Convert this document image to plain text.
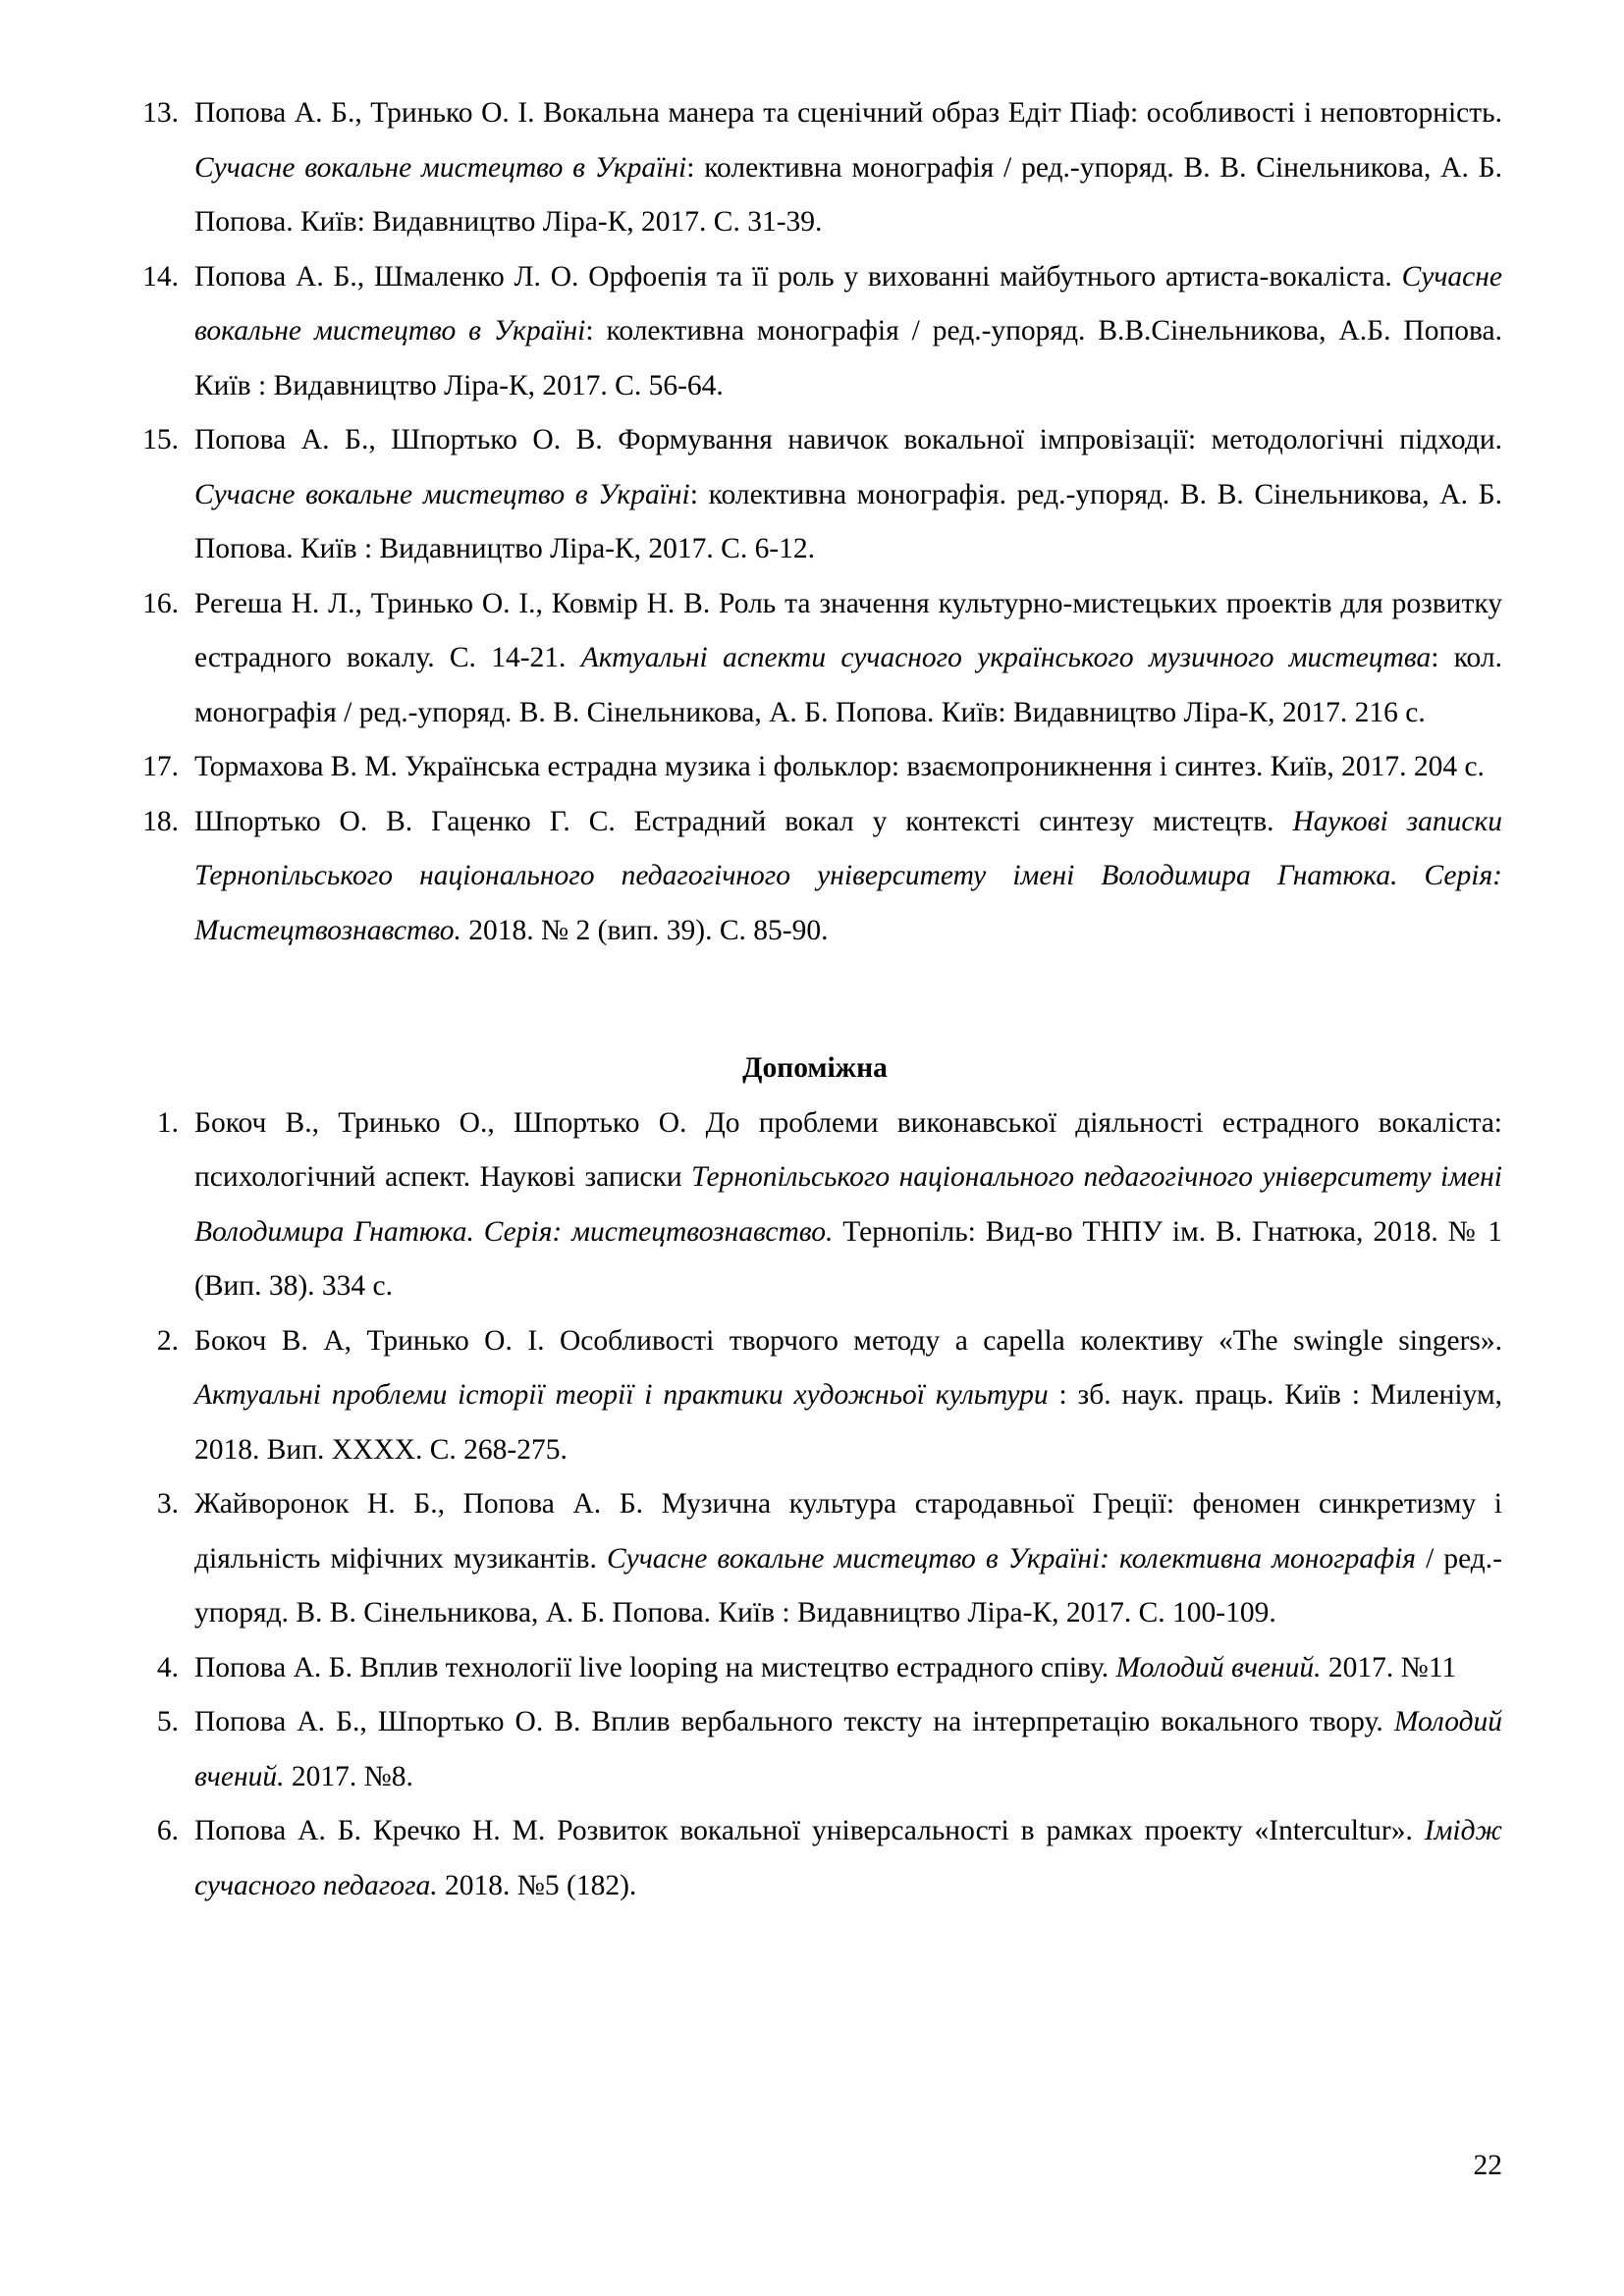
13. Попова А. Б., Тринько О. І. Вокальна манера та сценічний образ Едіт Піаф: особливості і неповторність. Сучасне вокальне мистецтво в Україні: колективна монографія / ред.-упоряд. В. В. Сінельникова, А. Б. Попова. Київ: Видавництво Ліра-К, 2017. С. 31-39.
14. Попова А. Б., Шмаленко Л. О. Орфоепія та її роль у вихованні майбутнього артиста-вокаліста. Сучасне вокальне мистецтво в Україні: колективна монографія / ред.-упоряд. В.В.Сінельникова, А.Б. Попова. Київ : Видавництво Ліра-К, 2017. С. 56-64.
15. Попова А. Б., Шпортько О. В. Формування навичок вокальної імпровізації: методологічні підходи. Сучасне вокальне мистецтво в Україні: колективна монографія. ред.-упоряд. В. В. Сінельникова, А. Б. Попова. Київ : Видавництво Ліра-К, 2017. С. 6-12.
16. Регеша Н. Л., Тринько О. І., Ковмір Н. В. Роль та значення культурно-мистецьких проектів для розвитку естрадного вокалу. С. 14-21. Актуальні аспекти сучасного українського музичного мистецтва: кол. монографія / ред.-упоряд. В. В. Сінельникова, А. Б. Попова. Київ: Видавництво Ліра-К, 2017. 216 с.
17. Тормахова В. М. Українська естрадна музика і фольклор: взаємопроникнення і синтез. Київ, 2017. 204 с.
18. Шпортько О. В. Гаценко Г. С. Естрадний вокал у контексті синтезу мистецтв. Наукові записки Тернопільського національного педагогічного університету імені Володимира Гнатюка. Серія: Мистецтвознавство. 2018. № 2 (вип. 39). С. 85-90.
Допоміжна
1. Бокоч В., Тринько О., Шпортько О. До проблеми виконавської діяльності естрадного вокаліста: психологічний аспект. Наукові записки Тернопільського національного педагогічного університету імені Володимира Гнатюка. Серія: мистецтвознавство. Тернопіль: Вид-во ТНПУ ім. В. Гнатюка, 2018. № 1 (Вип. 38). 334 с.
2. Бокоч В. А, Тринько О. І. Особливості творчого методу а capella колективу «The swingle singers». Актуальні проблеми історії теорії і практики художньої культури : зб. наук. праць. Київ : Миленіум, 2018. Вип. ХХХХ. С. 268-275.
3. Жайворонок Н. Б., Попова А. Б. Музична культура стародавньої Греції: феномен синкретизму і діяльність міфічних музикантів. Сучасне вокальне мистецтво в Україні: колективна монографія / ред.-упоряд. В. В. Сінельникова, А. Б. Попова. Київ : Видавництво Ліра-К, 2017. С. 100-109.
4. Попова А. Б. Вплив технології live looping на мистецтво естрадного співу. Молодий вчений. 2017. №11
5. Попова А. Б., Шпортько О. В. Вплив вербального тексту на інтерпретацію вокального твору. Молодий вчений. 2017. №8.
6. Попова А. Б. Кречко Н. М. Розвиток вокальної універсальності в рамках проекту «Intercultur». Імідж сучасного педагога. 2018. №5 (182).
22
